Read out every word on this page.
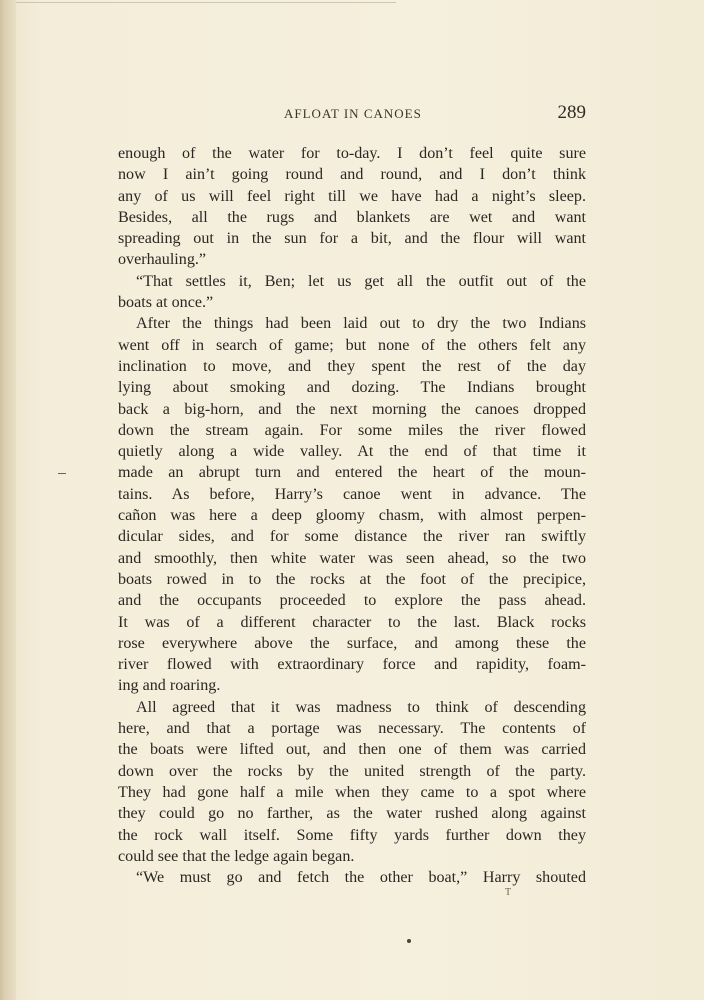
AFLOAT IN CANOES	289
enough of the water for to-day. I don’t feel quite sure
now I ain’t going round and round, and I don’t think
any of us will feel right till we have had a night’s sleep.
Besides, all the rugs and blankets are wet and want
spreading out in the sun for a bit, and the flour will want
overhauling.”
“That settles it, Ben; let us get all the outfit out of the
boats at once.”
After the things had been laid out to dry the two Indians
went off in search of game; but none of the others felt any
inclination to move, and they spent the rest of the day
lying about smoking and dozing. The Indians brought
back a big-horn, and the next morning the canoes dropped
down the stream again. For some miles the river flowed
quietly along a wide valley. At the end of that time it
made an abrupt turn and entered the heart of the moun-
tains. As before, Harry’s canoe went in advance. The
cañon was here a deep gloomy chasm, with almost perpen-
dicular sides, and for some distance the river ran swiftly
and smoothly, then white water was seen ahead, so the two
boats rowed in to the rocks at the foot of the precipice,
and the occupants proceeded to explore the pass ahead.
It was of a different character to the last. Black rocks
rose everywhere above the surface, and among these the
river flowed with extraordinary force and rapidity, foam-
ing and roaring.
All agreed that it was madness to think of descending
here, and that a portage was necessary. The contents of
the boats were lifted out, and then one of them was carried
down over the rocks by the united strength of the party.
They had gone half a mile when they came to a spot where
they could go no farther, as the water rushed along against
the rock wall itself. Some fifty yards further down they
could see that the ledge again began.
“We must go and fetch the other boat,” Harry shouted
T
